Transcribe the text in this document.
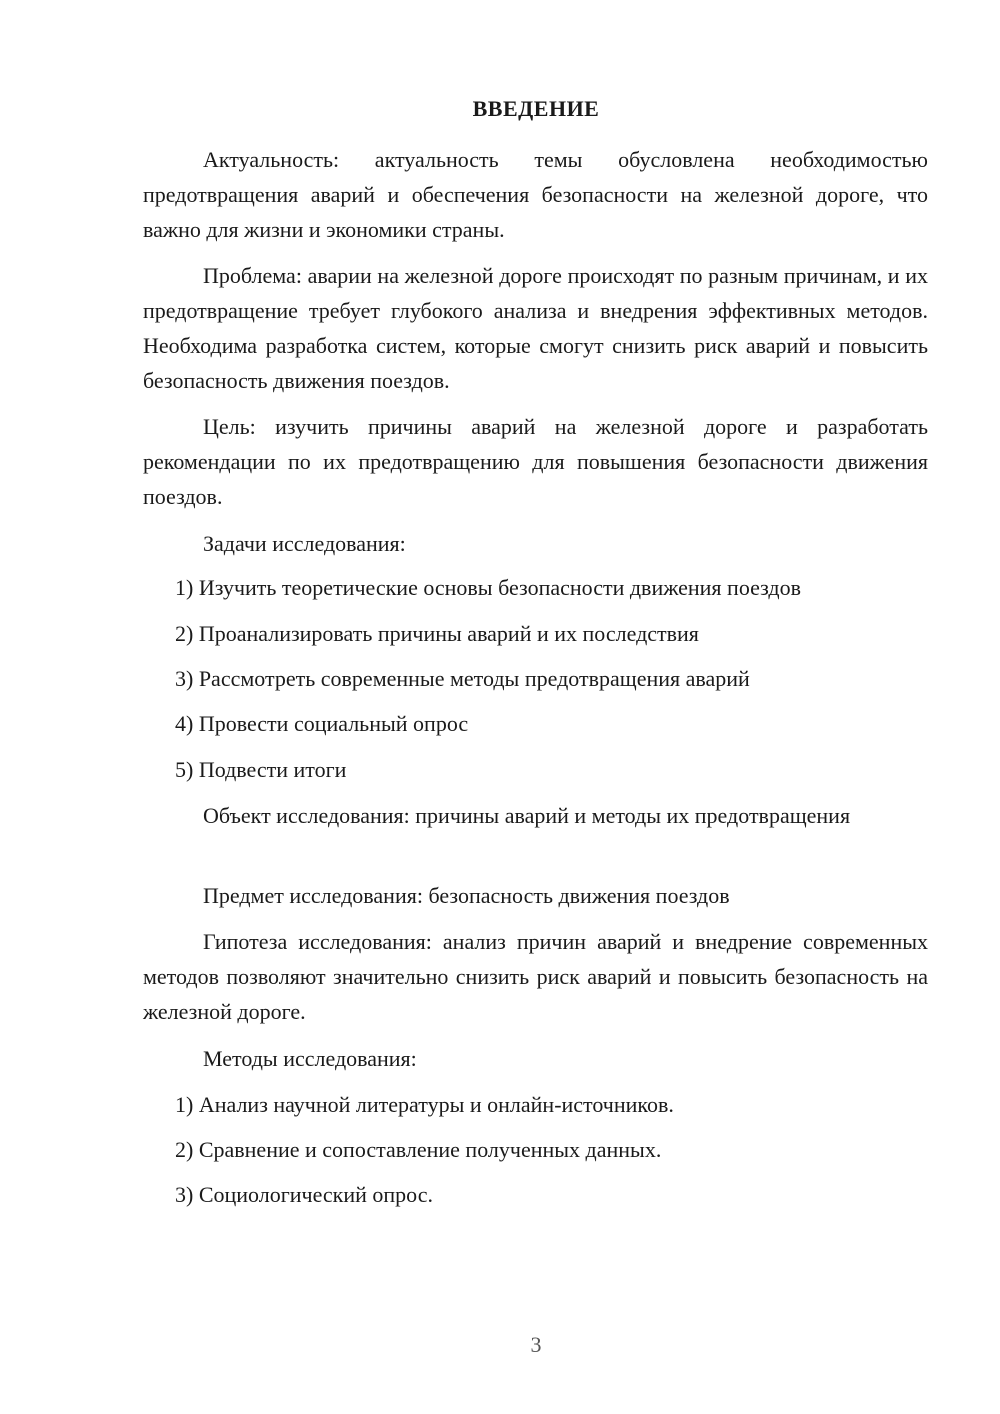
ВВЕДЕНИЕ

Актуальность: актуальность темы обусловлена необходимостью предотвращения аварий и обеспечения безопасности на железной дороге, что важно для жизни и экономики страны.

Проблема: аварии на железной дороге происходят по разным причинам, и их предотвращение требует глубокого анализа и внедрения эффективных методов. Необходима разработка систем, которые смогут снизить риск аварий и повысить безопасность движения поездов.

Цель: изучить причины аварий на железной дороге и разработать рекомендации по их предотвращению для повышения безопасности движения поездов.

Задачи исследования:

1) Изучить теоретические основы безопасности движения поездов

2) Проанализировать причины аварий и их последствия

3) Рассмотреть современные методы предотвращения аварий

4) Провести социальный опрос

5) Подвести итоги

Объект исследования: причины аварий и методы их предотвращения

Предмет исследования: безопасность движения поездов

Гипотеза исследования: анализ причин аварий и внедрение современных методов позволяют значительно снизить риск аварий и повысить безопасность на железной дороге.

Методы исследования:

1) Анализ научной литературы и онлайн-источников.

2) Сравнение и сопоставление полученных данных.

3) Социологический опрос.

3
